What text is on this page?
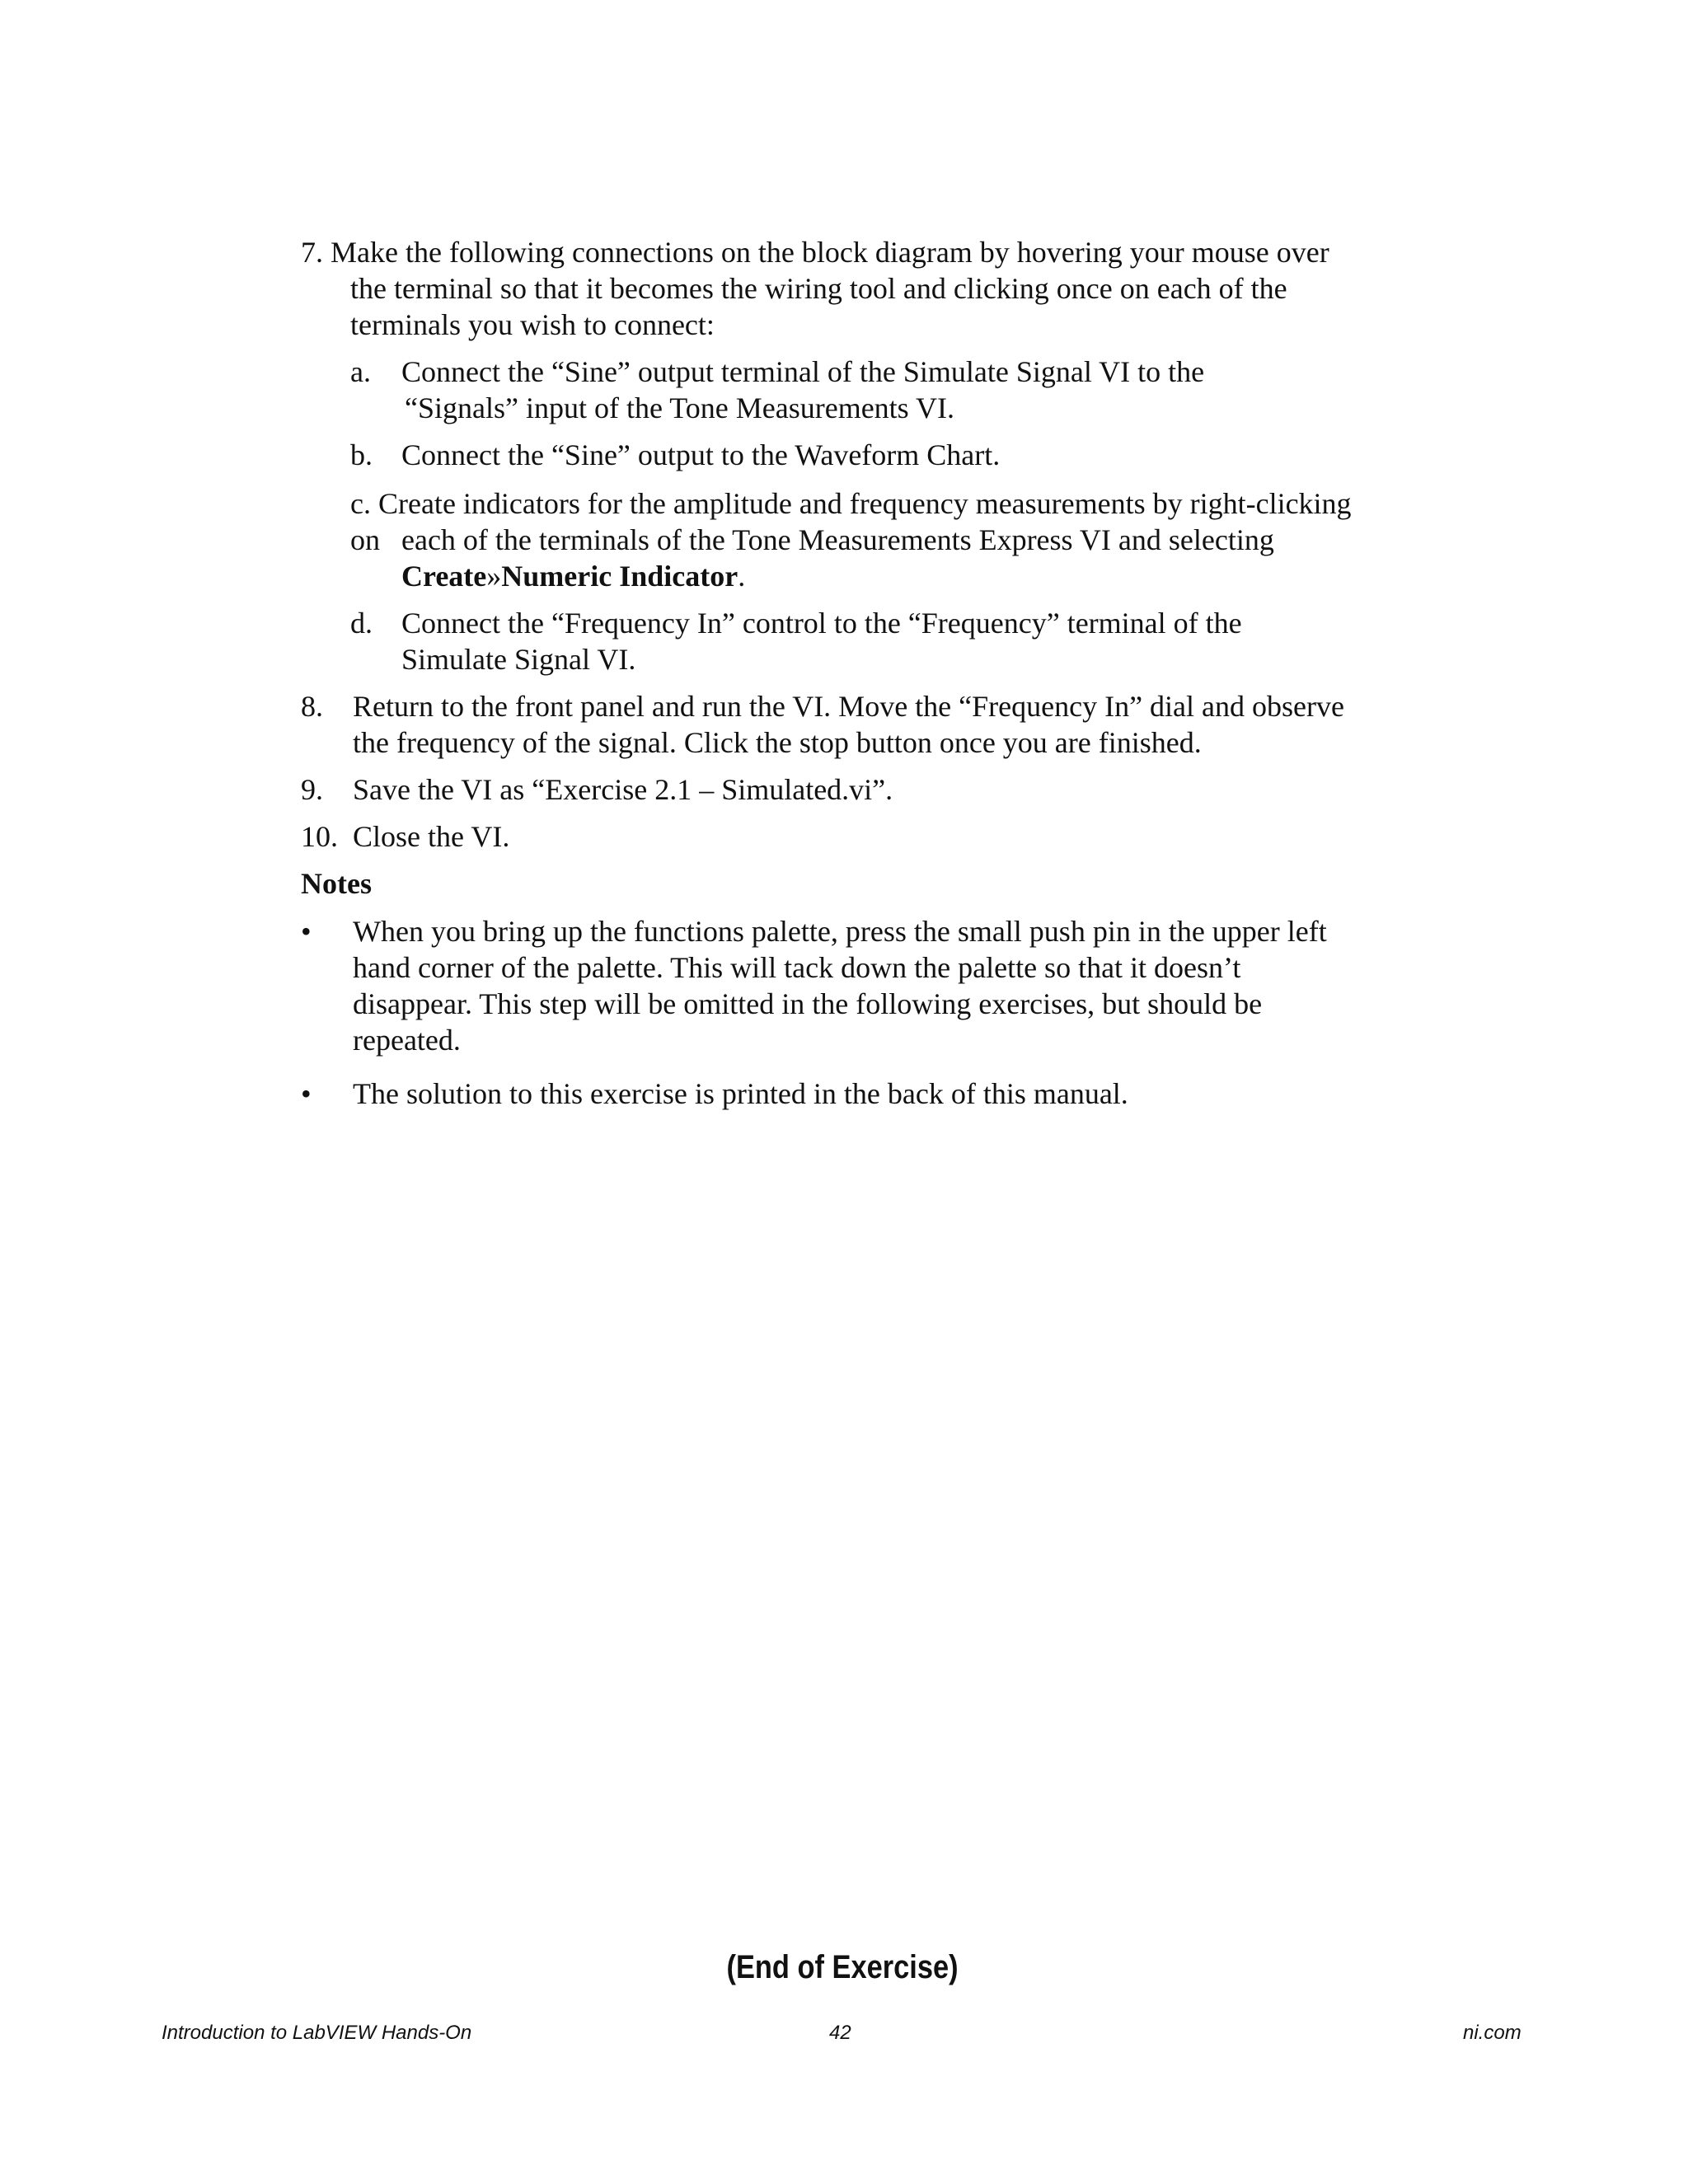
7. Make the following connections on the block diagram by hovering your mouse over
the terminal so that it becomes the wiring tool and clicking once on each of the
terminals you wish to connect:
a. Connect the “Sine” output terminal of the Simulate Signal VI to the
“Signals” input of the Tone Measurements VI.
b. Connect the “Sine” output to the Waveform Chart.
c. Create indicators for the amplitude and frequency measurements by right-clicking
on each of the terminals of the Tone Measurements Express VI and selecting
Create»Numeric Indicator.
d. Connect the “Frequency In” control to the “Frequency” terminal of the
Simulate Signal VI.
8. Return to the front panel and run the VI. Move the “Frequency In” dial and observe
the frequency of the signal. Click the stop button once you are finished.
9. Save the VI as “Exercise 2.1 – Simulated.vi”.
10. Close the VI.
Notes
• When you bring up the functions palette, press the small push pin in the upper left
hand corner of the palette. This will tack down the palette so that it doesn’t
disappear. This step will be omitted in the following exercises, but should be
repeated.
• The solution to this exercise is printed in the back of this manual.
(End of Exercise)
Introduction to LabVIEW Hands-On	42	ni.com
